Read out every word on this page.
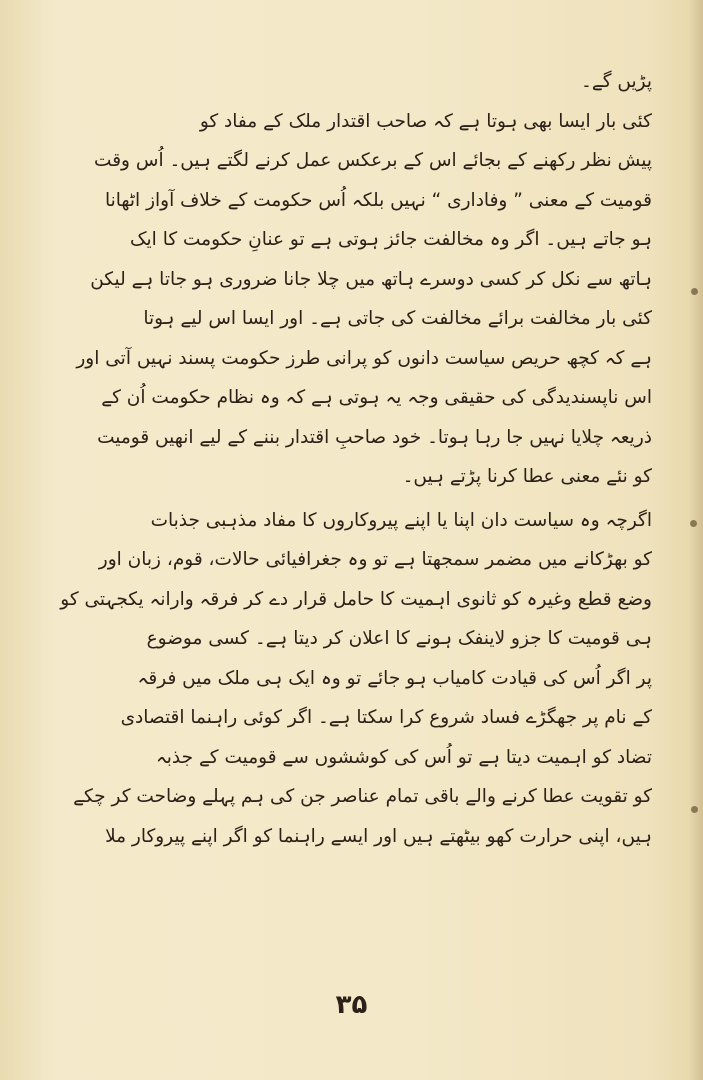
پڑیں گے۔
کئی بار ایسا بھی ہوتا ہے کہ صاحب اقتدار ملک کے مفاد کو
پیش نظر رکھنے کے بجائے اس کے برعکس عمل کرنے لگتے ہیں۔ اُس وقت
قومیت کے معنی ” وفاداری “ نہیں بلکہ اُس حکومت کے خلاف آواز اٹھانا
ہو جاتے ہیں۔ اگر وہ مخالفت جائز ہوتی ہے تو عنانِ حکومت کا ایک
ہاتھ سے نکل کر کسی دوسرے ہاتھ میں چلا جانا ضروری ہو جاتا ہے لیکن
کئی بار مخالفت برائے مخالفت کی جاتی ہے۔ اور ایسا اس لیے ہوتا
ہے کہ کچھ حریص سیاست دانوں کو پرانی طرز حکومت پسند نہیں آتی اور
اس ناپسندیدگی کی حقیقی وجہ یہ ہوتی ہے کہ وہ نظام حکومت اُن کے
ذریعہ چلایا نہیں جا رہا ہوتا۔ خود صاحبِ اقتدار بننے کے لیے انھیں قومیت
کو نئے معنی عطا کرنا پڑتے ہیں۔
اگرچہ وہ سیاست دان اپنا یا اپنے پیروکاروں کا مفاد مذہبی جذبات
کو بھڑکانے میں مضمر سمجھتا ہے تو وہ جغرافیائی حالات، قوم، زبان اور
وضع قطع وغیرہ کو ثانوی اہمیت کا حامل قرار دے کر فرقہ وارانہ یکجہتی کو
ہی قومیت کا جزو لاینفک ہونے کا اعلان کر دیتا ہے۔ کسی موضوع
پر اگر اُس کی قیادت کامیاب ہو جائے تو وہ ایک ہی ملک میں فرقہ
کے نام پر جھگڑے فساد شروع کرا سکتا ہے۔ اگر کوئی راہنما اقتصادی
تضاد کو اہمیت دیتا ہے تو اُس کی کوششوں سے قومیت کے جذبہ
کو تقویت عطا کرنے والے باقی تمام عناصر جن کی ہم پہلے وضاحت کر چکے
ہیں، اپنی حرارت کھو بیٹھتے ہیں اور ایسے راہنما کو اگر اپنے پیروکار ملا
۳۵
